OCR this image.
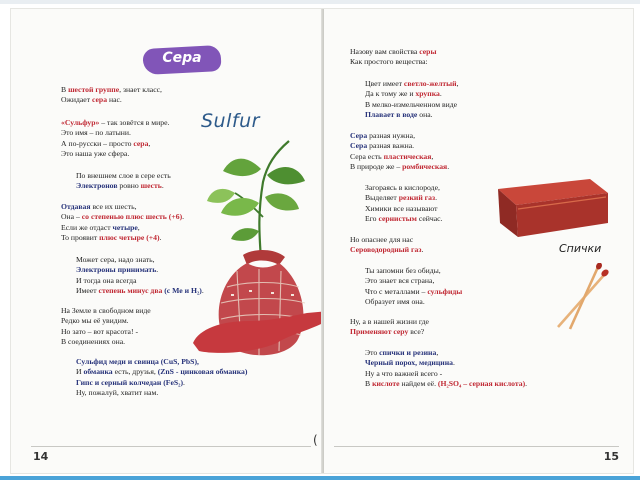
Сера
Sulfur
В шестой группе, знает класс,
Ожидает сера нас.
«Сульфур» – так зовётся в мире.
Это имя – по латыни.
А по-русски – просто сера,
Это наша уже сфера.
По внешнем слое в сере есть
Электронов ровно шесть.
Отдавая все их шесть,
Она – со степенью плюс шесть (+6).
Если же отдаст четыре,
То проявит плюс четыре (+4).
Может сера, надо знать,
Электроны принимать.
И тогда она всегда
Имеет степень минус два (с Ме и Н₂).
На Земле в свободном виде
Редко мы её увидим.
Но зато – вот красота! -
В соединениях она.
Сульфид меди и свинца (CuS, PbS),
И обманка есть, друзья, (ZnS - цинковая обманка)
Гипс и серный колчедан (FeS₂).
Ну, пожалуй, хватит нам.
14
(
Назову вам свойства серы
Как простого вещества:
Цвет имеет светло-желтый,
Да к тому же и хрупка.
В мелко-измельченном виде
Плавает в воде она.
Сера разная нужна,
Сера разная важна.
Сера есть пластическая,
В природе же – ромбическая.
Загораясь в кислороде,
Выделяет резкий газ.
Химики все называют
Его сернистым сейчас.
Но опаснее для нас
Сероводородный газ.
Ты запомни без обиды,
Это знает вся страна,
Что с металлами – сульфиды
Образует имя она.
Ну, а в нашей жизни где
Применяют серу все?
Это спички и резина,
Черный порох, медицина.
Ну а что важней всего -
В кислоте найдем её. (H₂SO₄ – серная кислота).
Спички
15
